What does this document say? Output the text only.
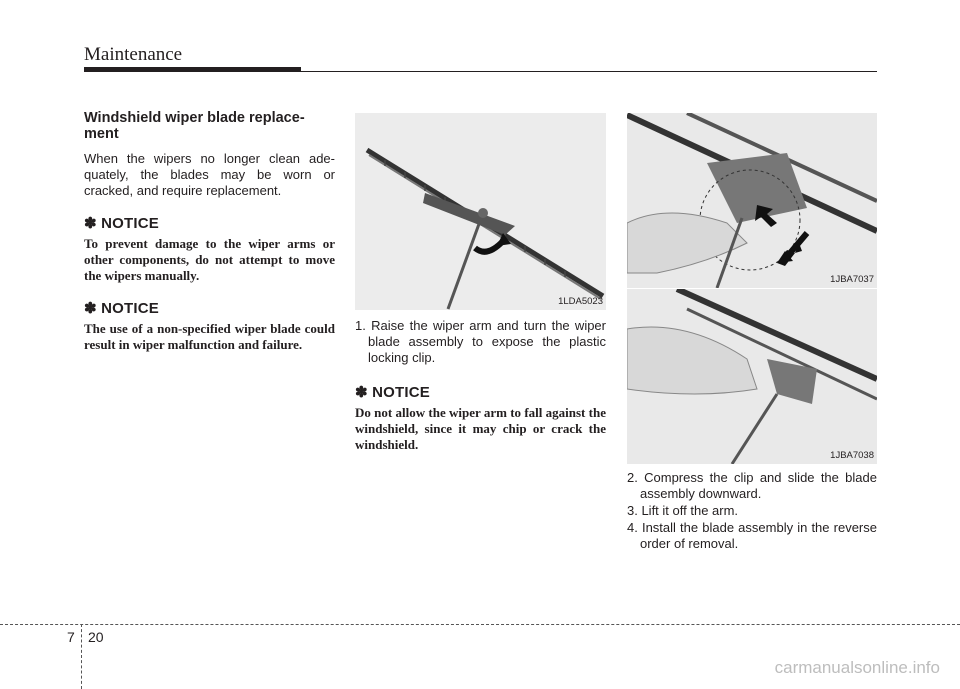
Maintenance

Windshield wiper blade replace-
ment

When the wipers no longer clean ade-quately, the blades may be worn or cracked, and require replacement.

✽ NOTICE

To prevent damage to the wiper arms or other components, do not attempt to move the wipers manually.

✽ NOTICE

The use of a non-specified wiper blade could result in wiper malfunction and failure.

1LDA5023

1. Raise the wiper arm and turn the wiper blade assembly to expose the plastic locking clip.

✽ NOTICE

Do not allow the wiper arm to fall against the windshield, since it may chip or crack the windshield.

1JBA7037
1JBA7038

2. Compress the clip and slide the blade assembly downward.

3. Lift it off the arm.

4. Install the blade assembly in the reverse order of removal.

7 20
carmanualsonline.info
